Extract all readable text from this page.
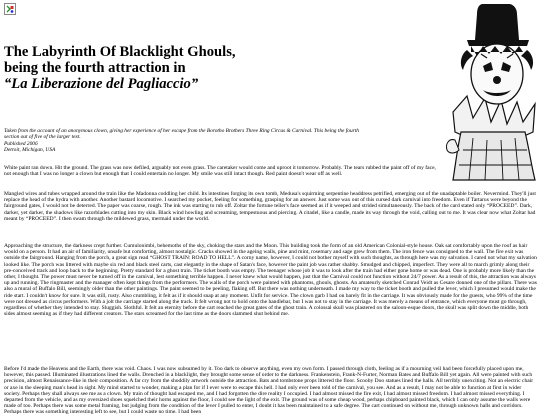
The Labyrinth Of Blacklight Ghouls,
being the fourth attraction in
“La Liberazione del Pagliaccio”
Taken from the account of an anonymous clown, giving her experience of her escape from the Borotho Brothers Three Ring Circus & Carnival. This being the fourth
section out of five of the larger text.
Published 2006
Detroit, Michigan, USA

White paint ran down. Hit the ground. The grass was now defiled, arguably not even grass. The caretaker would come and uproot it tomorrow. Probably. The tears rubbed the paint off of my face, not enough that I was no longer a clown but enough that I could entertain no longer. My smile was still intact though. Red paint doesn't wear off as well.

Mangled wires and tubes wrapped around the train like the Madonna coddling her child. Its intestines forging its own tomb, Medusa's squirming serpentine headdress petrified, emerging out of the unadaptable boiler. Nevermind. They'll just replace the head of the hydra with another. Another bastard locomotive. I searched my pocket, feeling for something, grasping for an answer. Just some wax out of this cursed dark carnival into freedom. Even if Tartarus were beyond the fairground gates, I would not be deterred. The paper was coarse, rough. The ink was starting to rub off. Zoltar the fortune teller's face seemed as if it weeped and strided simultaneously. The back of the card stated only “PROCEED”. Dark, darker, yet darker, the shadows like razorblades cutting into my skin. Black wind howling and screaming, tempestuous and piercing. A citadel, like a candle, made its way through the void, calling out to me. It was clear now what Zoltar had meant by “PROCEED”. I then swam through the mildewed grass, mermaid under the world.

Approaching the structure, the darkness crept further. Cumulonimbi, behemoths of the sky, choking the stars and the Moon. This building took the form of an old American Colonial-style house. Oak sat comfortably upon the roof as hair would on a person. It had an air of familiarity, unsafe but comforting, almost nostalgic. Cracks showed in the ageing walls, pine and mint, rosemary and sage grew from them. The iron fence was consigned to the wall. The fire exit was outside the fairground. Hanging from the porch, a great sign read “GHOST TRAIN: ROAD TO HELL”. A corny name, however, I could not bother myself with such thoughts, as through here was my salvation. I cared not what my salvation looked like. The porch was littered with maybe six red and black steel carts, cast elegantly in the shape of Satan's face, however the paint job was rather shabby. Smudged and chipped, imperfect. They were all to march grimly along their pre-conceived track and loop back to the beginning. Pretty standard for a ghost train. The ticket booth was empty. The teenager whose job it was to look after the train had either gone home or was dead. One is probably more likely than the other, I thought. The power must never be turned off in the carnival, lest something terrible happen. I never knew what would happen, just that the Carnival could not function without 24/7 power. As a result of this, the attraction was always up and running. The ringmaster and the manager often kept things from the performers. The walls of the porch were painted with phantoms, ghouls, ghosts. An amateurly sketched Conrad Veidt as Cesare donned one of the pillars. There was also a mural of Buffalo Bill, seemingly older than the other paintings. The paint seemed to be peeling, flaking off. But there was nothing underneath. I made my way to the ticket booth and pulled the lever, which I presumed would make the ride start. I couldn't know for sure. It was still, rusty. Also crumbling, it felt as if it should snap at any moment. Unfit for service. The clown garb I had on barely fit in the carriage. It was obviously made for the guests, who 99% of the time were not dressed as circus performers. With a jolt the carriage started along the track. It felt wrong not to hold onto the handlebar, but I was not to stay in the carriage. It was merely a means of entrance, which everyone must go through, regardless of whether they intended to stay. Sluggish. Slothful. It felt an eternity before the cart reached the great gates of the ghost train. A colossal skull was plastered on the saloon-esque doors, the skull was split down the middle, both sides almost seeming as if they had different creators. The stars screamed for the last time as the doors slammed shut behind me.

Before I'd made the Heavens and the Earth, there was void. Chaos. I was now subsumed by it. Too dark to observe anything, even my own form. I passed through cloth, feeling as if a mourning veil had been forcefully placed upon me, however, this passed. Illuminated illustrations lined the walls. Drenched in a blacklight, they brought some sense of order to the darkness. Frankenstein, Frank-N-Furter, Norman Bates and Buffalo Bill yet again. All were painted with such precision, almost Renaissance-like in their composition. A far cry from the shoddily artwork outside the attraction. Bats and tombstone props littered the floor. Scooby Doo statues lined the halls. All terribly unexciting. Not an electric chair or axe in the sleeping man's head in sight. My mind started to wonder, making a plan for if I ever were to escape this hell. I had only ever been told of the carnival, you see. And as a result, I may not be able to function at first in wider society. Perhaps they shall always see me as a clown. My train of thought had escaped me, and I had forgotten the dire reality I occupied. I had almost missed the fire exit, I had almost missed freedom. I had almost missed everything. I departed from the vehicle, and as my oversized shoes squelched their horns against the floor, I could see the light of the exit. The ground was of some cheap wood, perhaps chipboard painted black, which I can only assume the walls were made of too. Perhaps there was some metal framing, but judging from the condition of the lever I pulled to enter, I doubt it has been maintained to a safe degree. The cart continued on without me, through unknown halls and corridors. Perhaps there was something interesting left to see, but I could waste no time. I had been
